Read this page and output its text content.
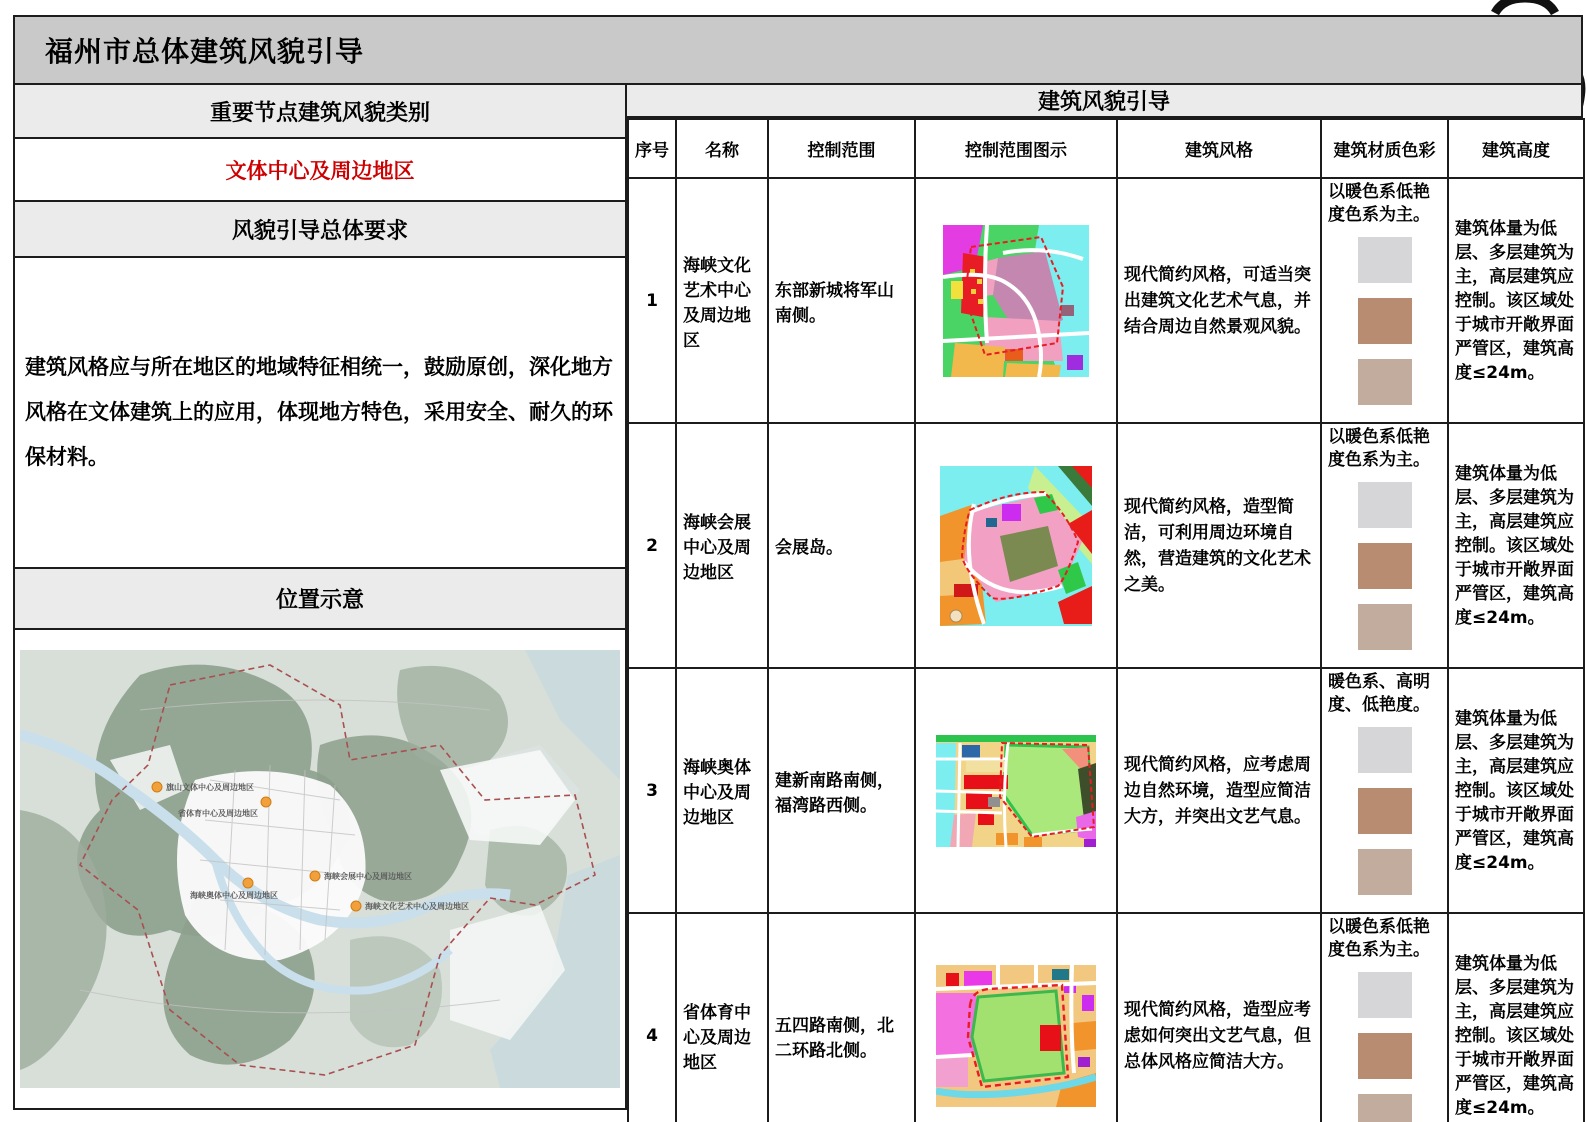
福州市总体建筑风貌引导
重要节点建筑风貌类别
文体中心及周边地区
风貌引导总体要求
建筑风格应与所在地区的地域特征相统一，鼓励原创，深化地方风格在文体建筑上的应用，体现地方特色，采用安全、耐久的环保材料。
位置示意
旗山文体中心及周边地区
省体育中心及周边地区
海峡奥体中心及周边地区
海峡会展中心及周边地区
海峡文化艺术中心及周边地区
建筑风貌引导
序号	名称	控制范围	控制范围图示	建筑风格	建筑材质色彩	建筑高度
1	海峡文化艺术中心及周边地区	东部新城将军山南侧。		现代简约风格，可适当突出建筑文化艺术气息，并结合周边自然景观风貌。	以暖色系低艳度色系为主。	建筑体量为低层、多层建筑为主，高层建筑应控制。该区域处于城市开敞界面严管区，建筑高度≤24m。
2	海峡会展中心及周边地区	会展岛。		现代简约风格，造型简洁，可利用周边环境自然，营造建筑的文化艺术之美。	以暖色系低艳度色系为主。	建筑体量为低层、多层建筑为主，高层建筑应控制。该区域处于城市开敞界面严管区，建筑高度≤24m。
3	海峡奥体中心及周边地区	建新南路南侧，福湾路西侧。		现代简约风格，应考虑周边自然环境，造型应简洁大方，并突出文艺气息。	暖色系、高明度、低艳度。	建筑体量为低层、多层建筑为主，高层建筑应控制。该区域处于城市开敞界面严管区，建筑高度≤24m。
4	省体育中心及周边地区	五四路南侧，北二环路北侧。		现代简约风格，造型应考虑如何突出文艺气息，但总体风格应简洁大方。	以暖色系低艳度色系为主。	建筑体量为低层、多层建筑为主，高层建筑应控制。该区域处于城市开敞界面严管区，建筑高度≤24m。
